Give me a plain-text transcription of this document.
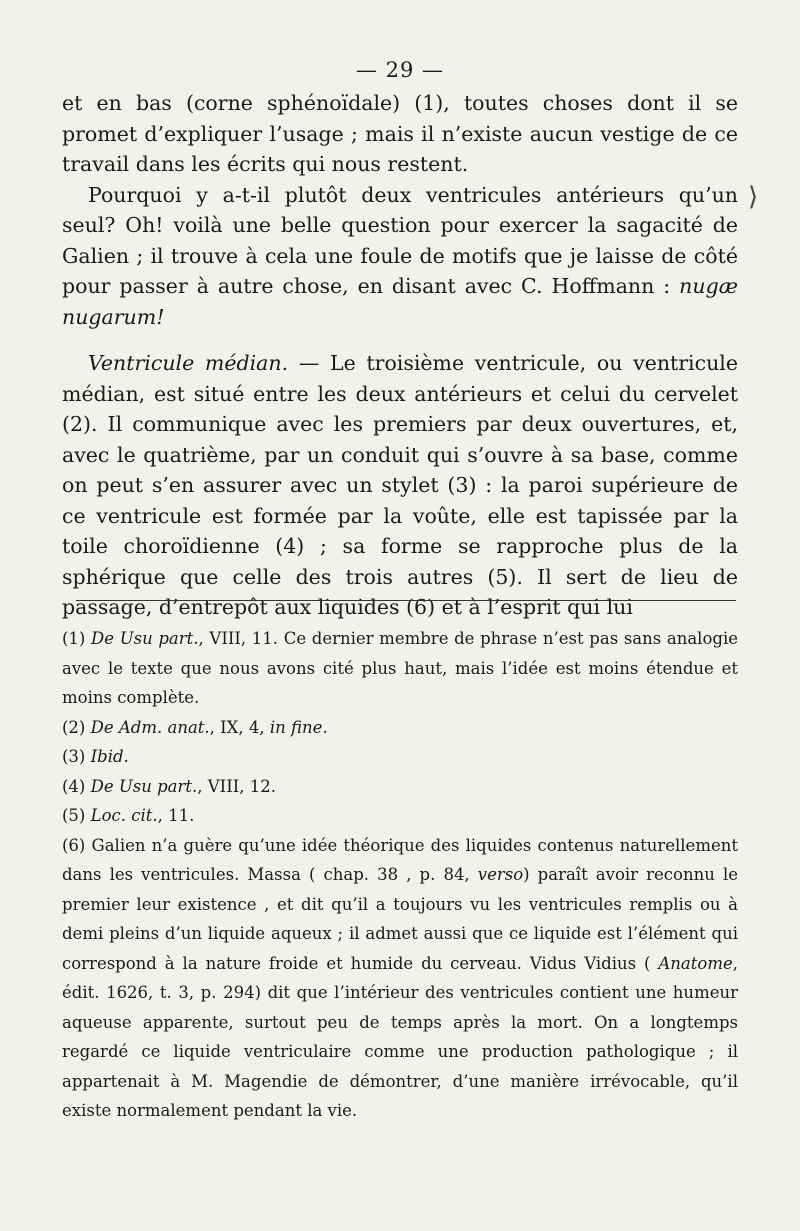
— 29 —

et en bas (corne sphénoïdale) (1), toutes choses dont il se promet d’expliquer l’usage ; mais il n’existe aucun vestige de ce travail dans les écrits qui nous restent.

Pourquoi y a-t-il plutôt deux ventricules antérieurs qu’un seul? Oh! voilà une belle question pour exercer la sagacité de Galien ; il trouve à cela une foule de motifs que je laisse de côté pour passer à autre chose, en disant avec C. Hoffmann : nugæ nugarum!

Ventricule médian. — Le troisième ventricule, ou ventricule médian, est situé entre les deux antérieurs et celui du cervelet (2). Il communique avec les premiers par deux ouvertures, et, avec le quatrième, par un conduit qui s’ouvre à sa base, comme on peut s’en assurer avec un stylet (3) : la paroi supérieure de ce ventricule est formée par la voûte, elle est tapissée par la toile choroïdienne (4) ; sa forme se rapproche plus de la sphérique que celle des trois autres (5). Il sert de lieu de passage, d’entrepôt aux liquides (6) et à l’esprit qui lui

(1) De Usu part., VIII, 11. Ce dernier membre de phrase n’est pas sans analogie avec le texte que nous avons cité plus haut, mais l’idée est moins étendue et moins complète.

(2) De Adm. anat., IX, 4, in fine.

(3) Ibid.

(4) De Usu part., VIII, 12.

(5) Loc. cit., 11.

(6) Galien n’a guère qu’une idée théorique des liquides contenus naturellement dans les ventricules. Massa ( chap. 38 , p. 84, verso) paraît avoir reconnu le premier leur existence , et dit qu’il a toujours vu les ventricules remplis ou à demi pleins d’un liquide aqueux ; il admet aussi que ce liquide est l’élément qui correspond à la nature froide et humide du cerveau. Vidus Vidius ( Anatome, édit. 1626, t. 3, p. 294) dit que l’intérieur des ventricules contient une humeur aqueuse apparente, surtout peu de temps après la mort. On a longtemps regardé ce liquide ventriculaire comme une production pathologique ; il appartenait à M. Magendie de démontrer, d’une manière irrévocable, qu’il existe normalement pendant la vie.

⟩
